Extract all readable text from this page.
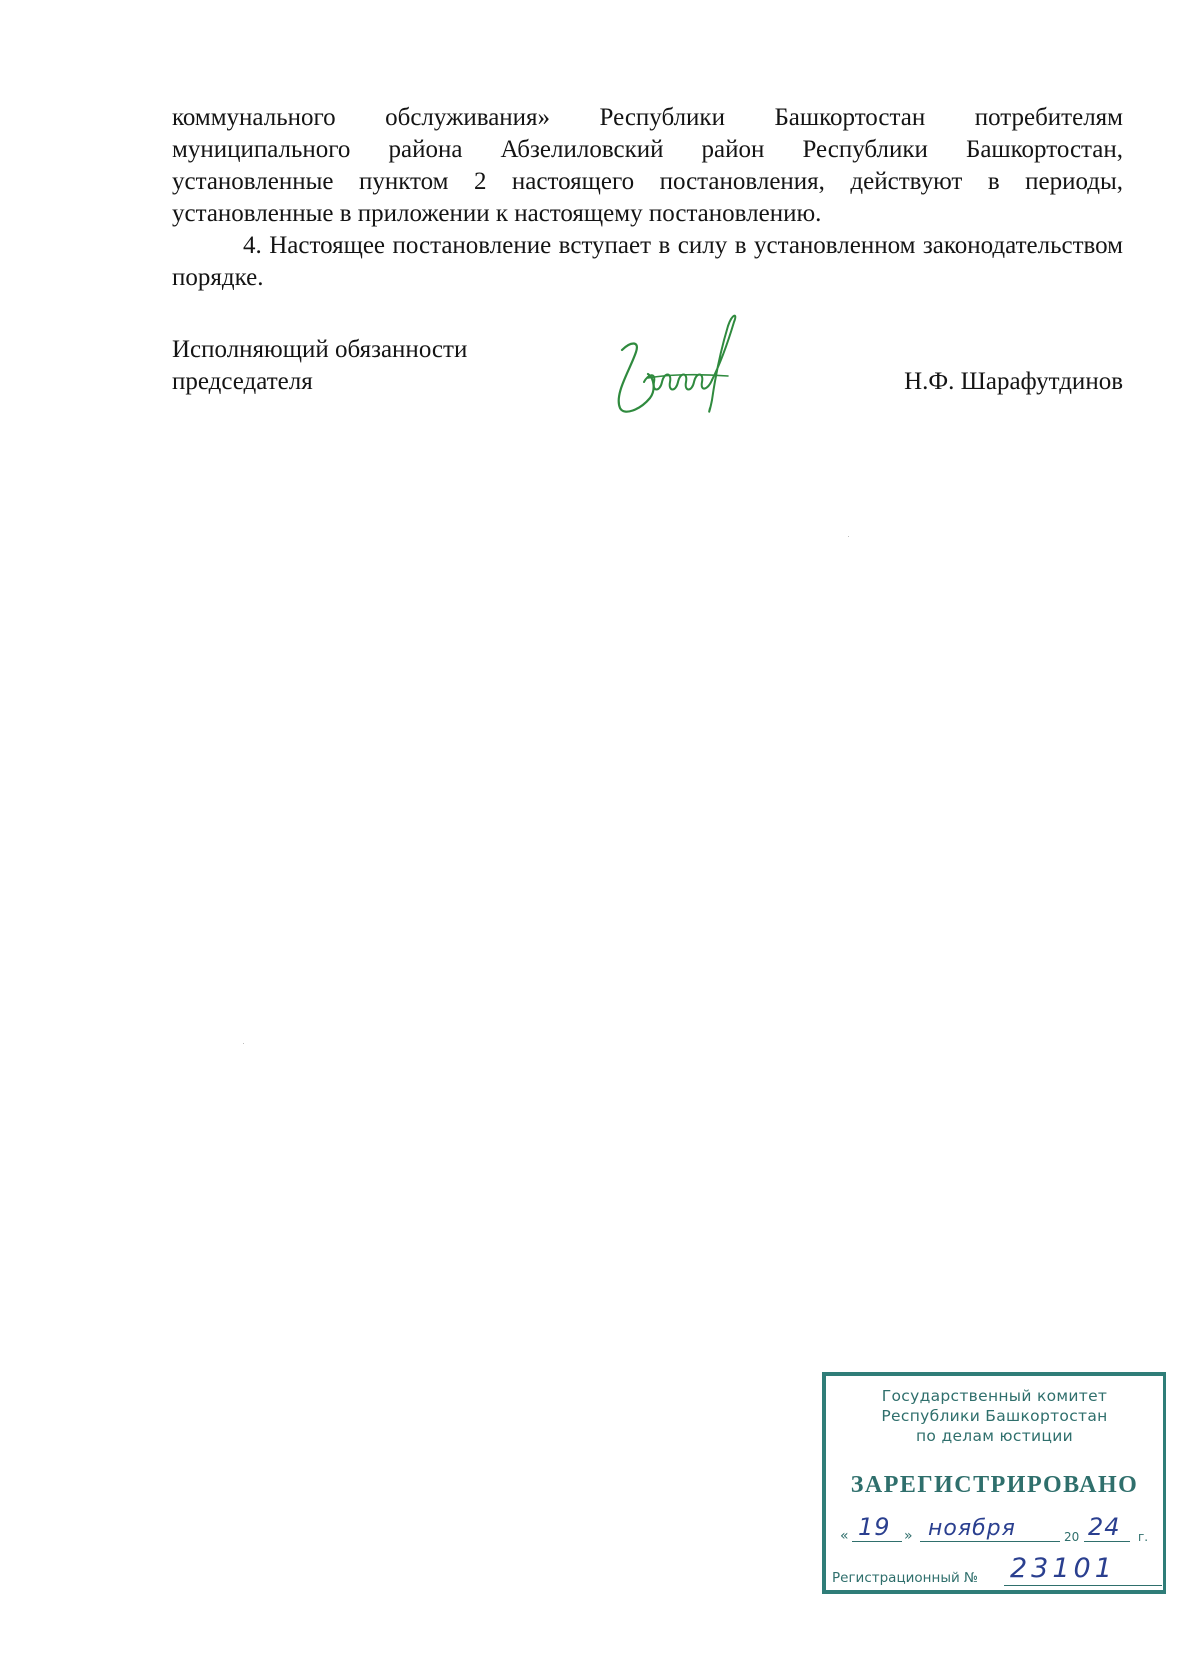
коммунального обслуживания» Республики Башкортостан потребителям муниципального района Абзелиловский район Республики Башкортостан, установленные пунктом 2 настоящего постановления, действуют в периоды, установленные в приложении к настоящему постановлению.

4. Настоящее постановление вступает в силу в установленном законодательством порядке.

Исполняющий обязанности
председателя	Н.Ф. Шарафутдинов
Государственный комитет
Республики Башкортостан
по делам юстиции
ЗАРЕГИСТРИРОВАНО
« 19 » ноября	20 24 г.
Регистрационный № 23101
